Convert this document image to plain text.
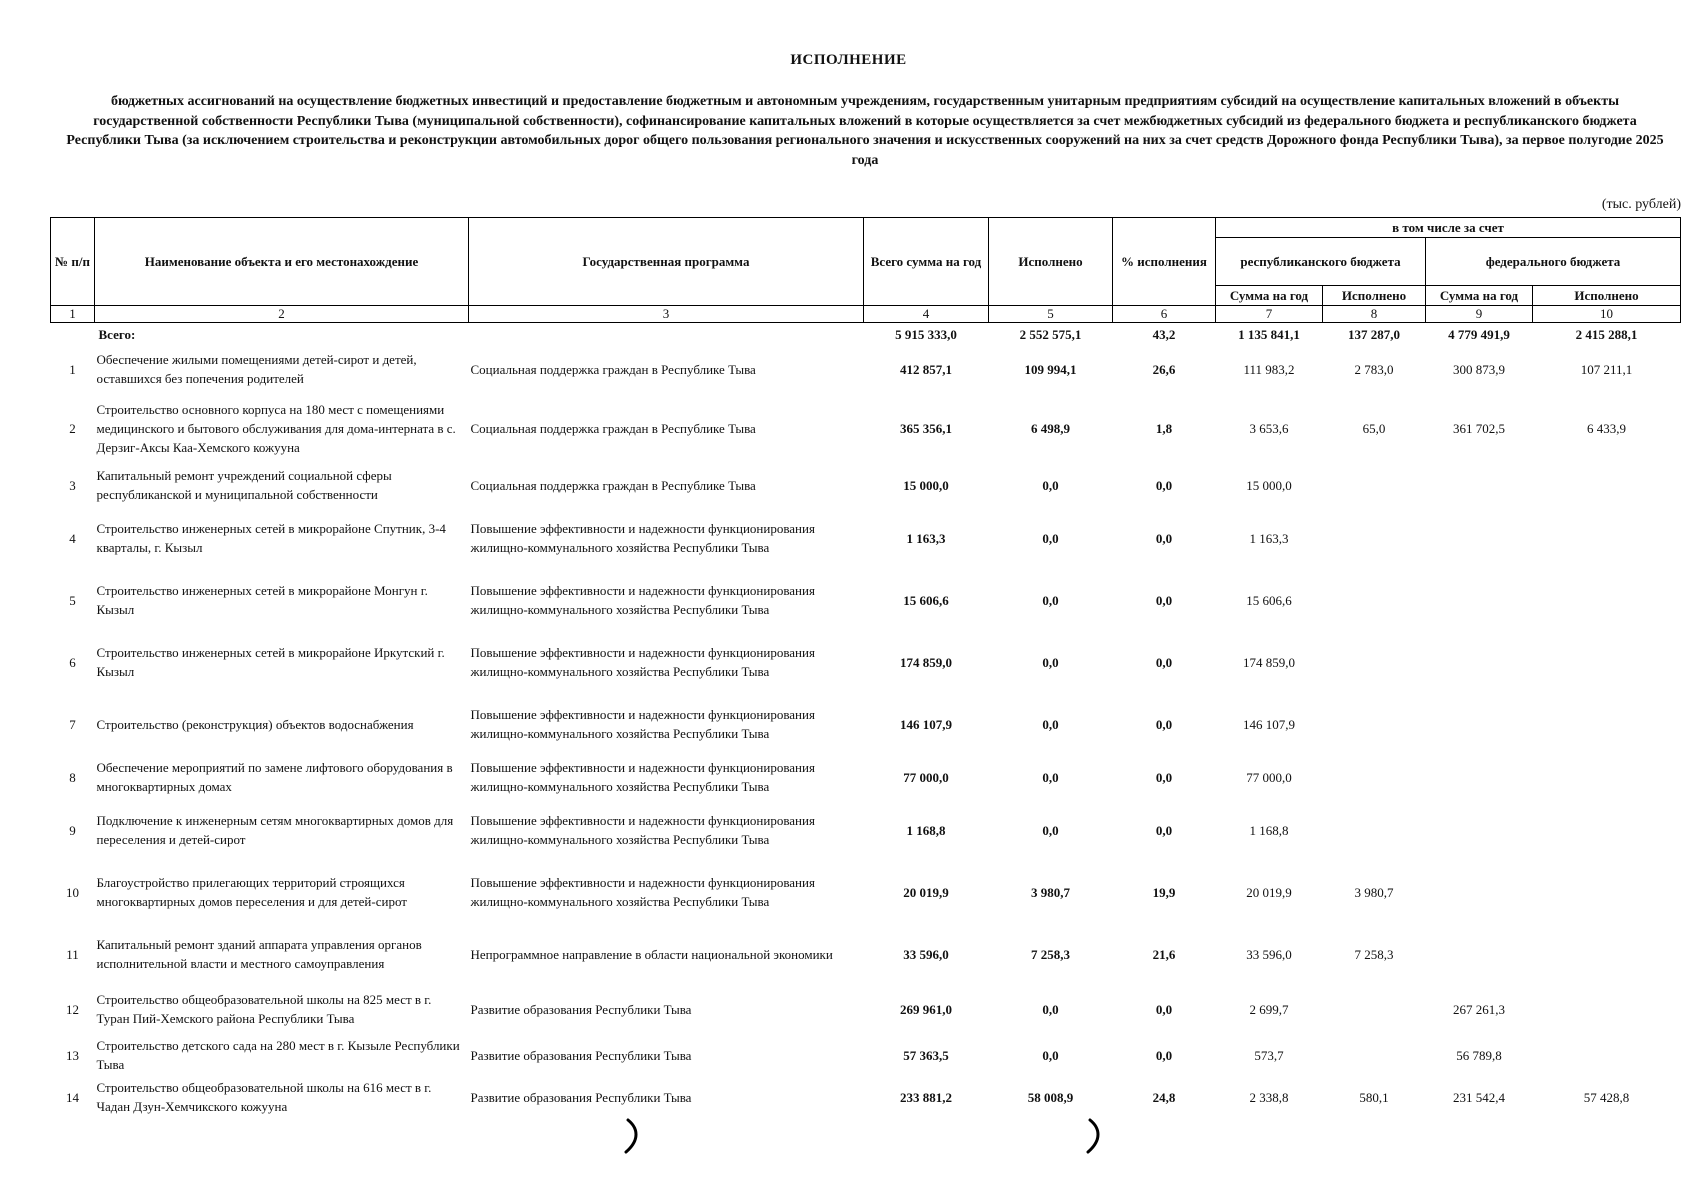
ИСПОЛНЕНИЕ
бюджетных ассигнований на осуществление бюджетных инвестиций и предоставление бюджетным и автономным учреждениям, государственным унитарным предприятиям субсидий на осуществление капитальных вложений в объекты государственной собственности Республики Тыва (муниципальной собственности), софинансирование капитальных вложений в которые осуществляется за счет межбюджетных субсидий из федерального бюджета и республиканского бюджета Республики Тыва (за исключением строительства и реконструкции автомобильных дорог общего пользования регионального значения и искусственных сооружений на них за счет средств Дорожного фонда Республики Тыва), за первое полугодие 2025 года
(тыс. рублей)
№ п/п	Наименование объекта и его местонахождение	Государственная программа	Всего сумма на год	Исполнено	% исполнения	в том числе за счет			
						республиканского бюджета		федерального бюджета	
						Сумма на год	Исполнено	Сумма на год	Исполнено
1	2	3	4	5	6	7	8	9	10
	Всего:		5 915 333,0	2 552 575,1	43,2	1 135 841,1	137 287,0	4 779 491,9	2 415 288,1
1	Обеспечение жилыми помещениями детей-сирот и детей, оставшихся без попечения родителей	Социальная поддержка граждан в Республике Тыва	412 857,1	109 994,1	26,6	111 983,2	2 783,0	300 873,9	107 211,1
2	Строительство основного корпуса на 180 мест с помещениями медицинского и бытового обслуживания для дома-интерната в с. Дерзиг-Аксы Каа-Хемского кожууна	Социальная поддержка граждан в Республике Тыва	365 356,1	6 498,9	1,8	3 653,6	65,0	361 702,5	6 433,9
3	Капитальный ремонт учреждений социальной сферы республиканской и муниципальной собственности	Социальная поддержка граждан в Республике Тыва	15 000,0	0,0	0,0	15 000,0			
4	Строительство инженерных сетей в микрорайоне Спутник, 3-4 кварталы, г. Кызыл	Повышение эффективности и надежности функционирования жилищно-коммунального хозяйства Республики Тыва	1 163,3	0,0	0,0	1 163,3			
5	Строительство инженерных сетей в микрорайоне Монгун г. Кызыл	Повышение эффективности и надежности функционирования жилищно-коммунального хозяйства Республики Тыва	15 606,6	0,0	0,0	15 606,6			
6	Строительство инженерных сетей в микрорайоне Иркутский г. Кызыл	Повышение эффективности и надежности функционирования жилищно-коммунального хозяйства Республики Тыва	174 859,0	0,0	0,0	174 859,0			
7	Строительство (реконструкция) объектов водоснабжения	Повышение эффективности и надежности функционирования жилищно-коммунального хозяйства Республики Тыва	146 107,9	0,0	0,0	146 107,9			
8	Обеспечение мероприятий по замене лифтового оборудования в многоквартирных домах	Повышение эффективности и надежности функционирования жилищно-коммунального хозяйства Республики Тыва	77 000,0	0,0	0,0	77 000,0			
9	Подключение к инженерным сетям многоквартирных домов для переселения и детей-сирот	Повышение эффективности и надежности функционирования жилищно-коммунального хозяйства Республики Тыва	1 168,8	0,0	0,0	1 168,8			
10	Благоустройство прилегающих территорий строящихся многоквартирных домов переселения и для детей-сирот	Повышение эффективности и надежности функционирования жилищно-коммунального хозяйства Республики Тыва	20 019,9	3 980,7	19,9	20 019,9	3 980,7		
11	Капитальный ремонт зданий аппарата управления органов исполнительной власти и местного самоуправления	Непрограммное направление в области национальной экономики	33 596,0	7 258,3	21,6	33 596,0	7 258,3		
12	Строительство общеобразовательной школы на 825 мест в г. Туран Пий-Хемского района Республики Тыва	Развитие образования Республики Тыва	269 961,0	0,0	0,0	2 699,7		267 261,3	
13	Строительство детского сада на 280 мест в г. Кызыле Республики Тыва	Развитие образования Республики Тыва	57 363,5	0,0	0,0	573,7		56 789,8	
14	Строительство общеобразовательной школы на 616 мест в г. Чадан Дзун-Хемчикского кожууна	Развитие образования Республики Тыва	233 881,2	58 008,9	24,8	2 338,8	580,1	231 542,4	57 428,8
